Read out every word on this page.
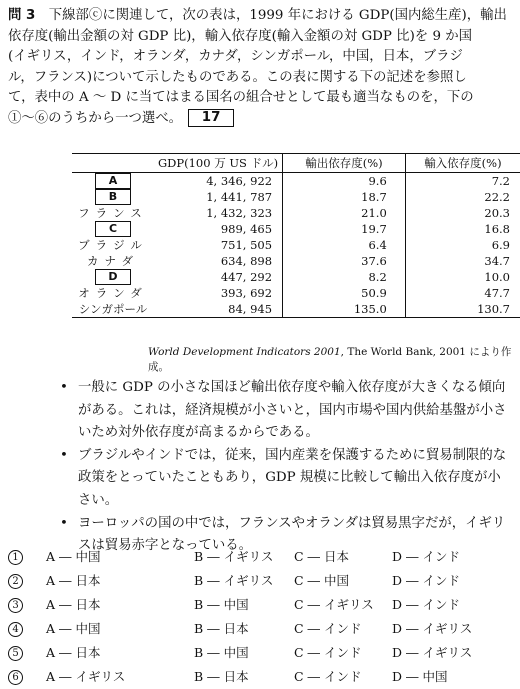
問 3　 下線部ⓒに関連して，次の表は，1999 年における GDP(国内総生産)，輸出
依存度(輸出金額の対 GDP 比)，輸入依存度(輸入金額の対 GDP 比)を 9 か国
(イギリス，インド，オランダ，カナダ，シンガポール，中国，日本，ブラジ
ル，フランス)について示したものである。この表に関する下の記述を参照し
て，表中の A ～ D に当てはまる国名の組合せとして最も適当なものを，下の
①～⑥のうちから一つ選べ。 17
	GDP(100 万 US ドル)	輸出依存度(%)	輸入依存度(%)
A	4, 346, 922	9.6	7.2
B	1, 441, 787	18.7	22.2
フランス	1, 432, 323	21.0	20.3
C	989, 465	19.7	16.8
ブラジル	751, 505	6.4	6.9
カナダ	634, 898	37.6	34.7
D	447, 292	8.2	10.0
オランダ	393, 692	50.9	47.7
シンガポール	84, 945	135.0	130.7
World Development Indicators 2001, The World Bank, 2001 により作成。
• 一般に GDP の小さな国ほど輸出依存度や輸入依存度が大きくなる傾向がある。これは，経済規模が小さいと，国内市場や国内供給基盤が小さいため対外依存度が高まるからである。
• ブラジルやインドでは，従来，国内産業を保護するために貿易制限的な政策をとっていたこともあり，GDP 規模に比較して輸出入依存度が小さい。
• ヨーロッパの国の中では，フランスやオランダは貿易黒字だが，イギリスは貿易赤字となっている。
1	A ― 中国	B ― イギリス C ― 日本	D ― インド
2	A ― 日本	B ― イギリス C ― 中国	D ― インド
3	A ― 日本	B ― 中国	C ― イギリス D ― インド
4	A ― 中国	B ― 日本	C ― インド D ― イギリス
5	A ― 日本	B ― 中国	C ― インド D ― イギリス
6	A ― イギリス	B ― 日本	C ― インド D ― 中国
